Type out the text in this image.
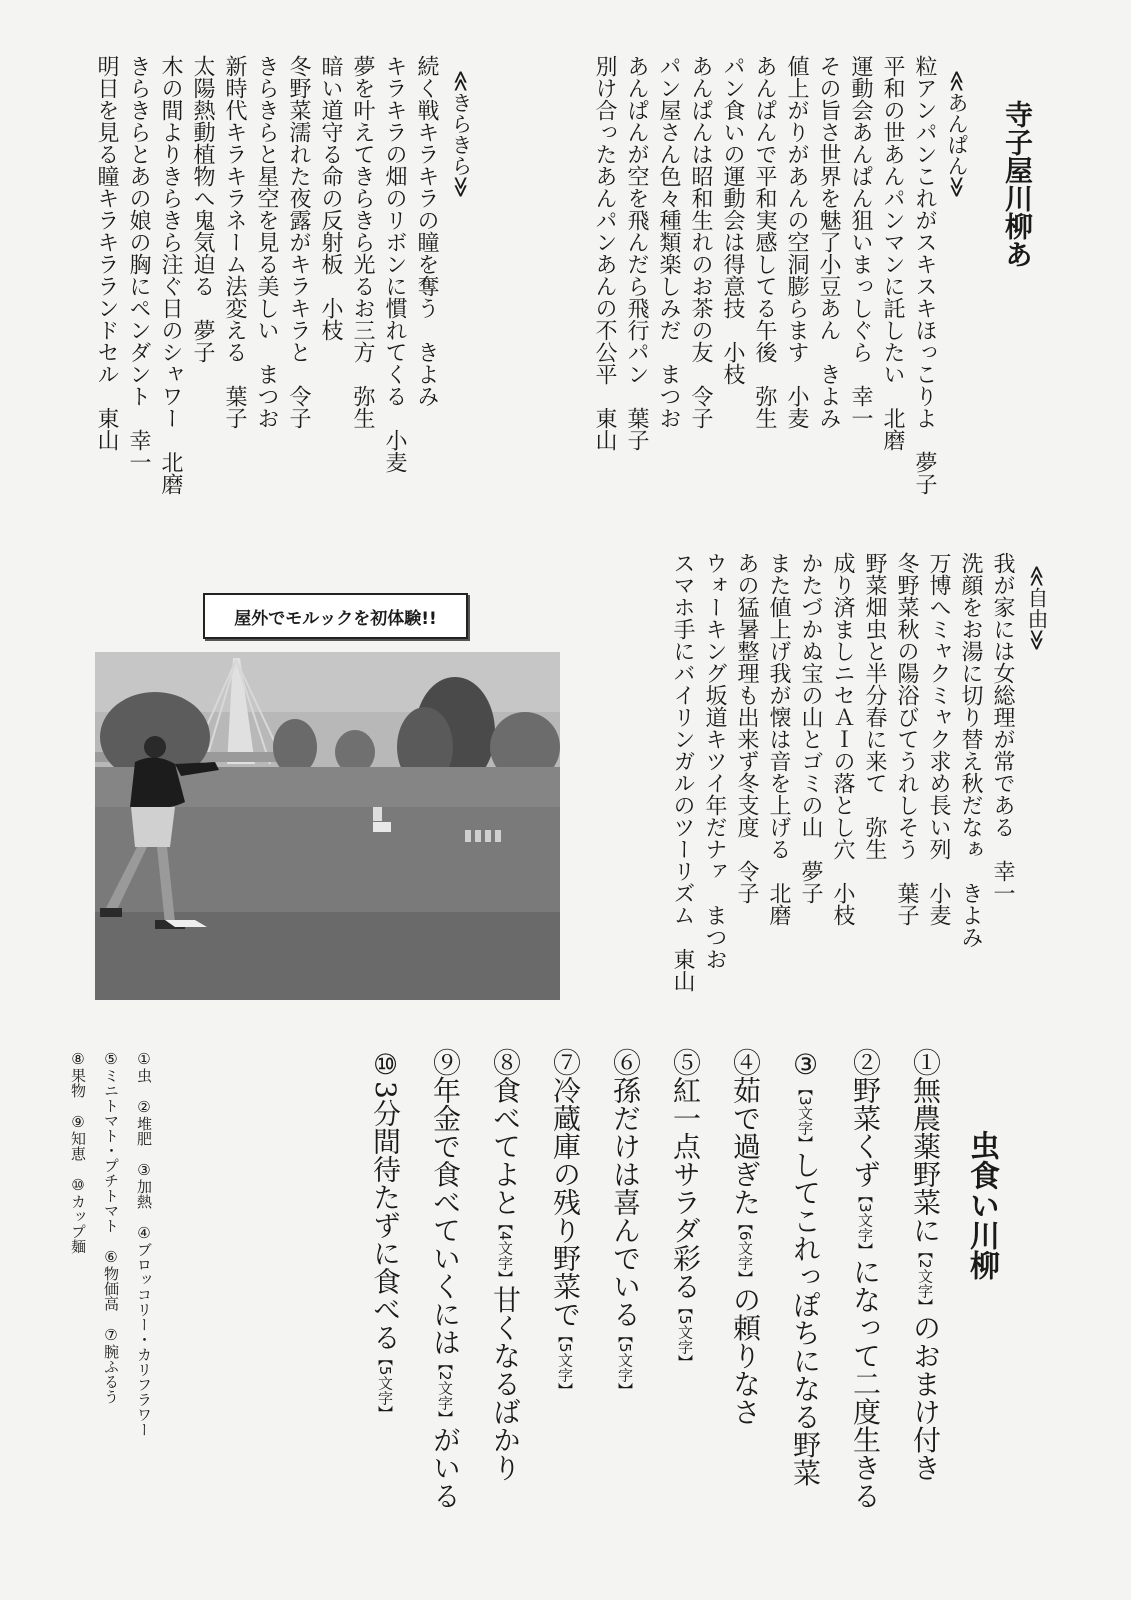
寺子屋川柳あ
≪あんぱん≫
粒アンパンこれがスキスキほっこりよ夢子
平和の世あんパンマンに託したい北磨
運動会あんぱん狙いまっしぐら幸一
その旨さ世界を魅了小豆あんきよみ
値上がりがあんの空洞膨らます小麦
あんぱんで平和実感してる午後弥生
パン食いの運動会は得意技小枝
あんぱんは昭和生れのお茶の友令子
パン屋さん色々種類楽しみだまつお
あんぱんが空を飛んだら飛行パン葉子
別け合ったあんパンあんの不公平東山
≪きらきら≫
続く戦キラキラの瞳を奪うきよみ
キラキラの畑のリボンに慣れてくる小麦
夢を叶えてきらきら光るお三方弥生
暗い道守る命の反射板小枝
冬野菜濡れた夜露がキラキラと令子
きらきらと星空を見る美しいまつお
新時代キラキラネーム法変える葉子
太陽熱動植物へ鬼気迫る夢子
木の間よりきらきら注ぐ日のシャワー北磨
きらきらとあの娘の胸にペンダント幸一
明日を見る瞳キラキラランドセル東山
≪自由≫
我が家には女総理が常である幸一
洗顔をお湯に切り替え秋だなぁきよみ
万博へミャクミャク求め長い列小麦
冬野菜秋の陽浴びてうれしそう葉子
野菜畑虫と半分春に来て弥生
成り済ましニセＡＩの落とし穴小枝
かたづかぬ宝の山とゴミの山夢子
また値上げ我が懐は音を上げる北磨
あの猛暑整理も出来ず冬支度令子
ウォーキング坂道キツイ年だナァまつお
スマホ手にバイリンガルのツーリズム東山
屋外でモルックを初体験!!
虫食い川柳
①無農薬野菜に【2文字】のおまけ付き
②野菜くず【3文字】になって二度生きる
③【3文字】してこれっぽちになる野菜
④茹で過ぎた【6文字】の頼りなさ
⑤紅一点サラダ彩る【5文字】
⑥孫だけは喜んでいる【5文字】
⑦冷蔵庫の残り野菜で【5文字】
⑧食べてよと【4文字】甘くなるばかり
⑨年金で食べていくには【2文字】がいる
⑩3分間待たずに食べる【5文字】
①虫　②堆肥　③加熱　④ブロッコリー・カリフラワー
⑤ミニトマト・プチトマト　⑥物価高　⑦腕ふるう
⑧果物　⑨知恵　⑩カップ麺
